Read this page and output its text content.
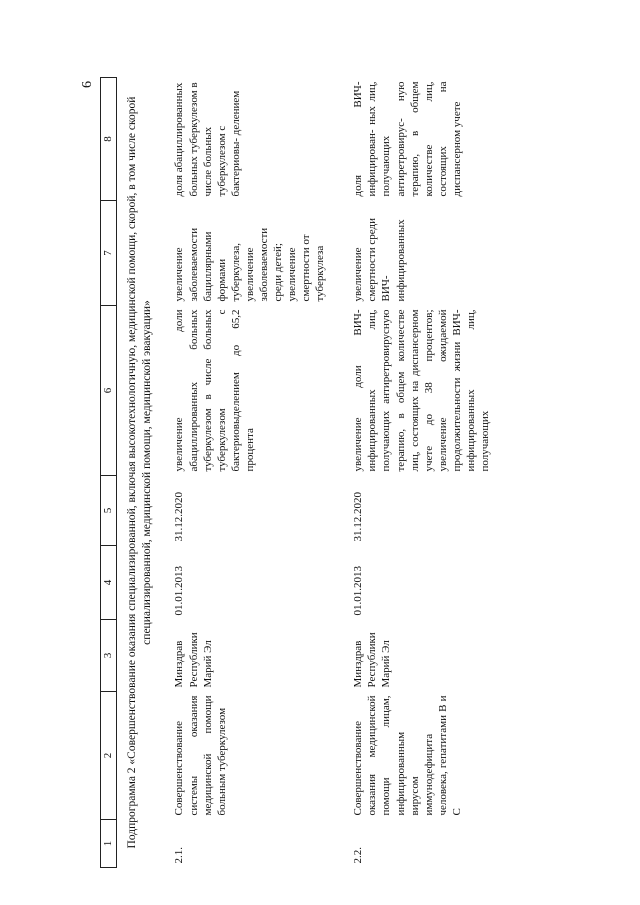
6
1	2	3	4	5	6	7	8
Подпрограмма 2 «Совершенствование оказания специализированной, включая высокотехнологичную, медицинской помощи, скорой, в том числе скорой специализированной, медицинской помощи, медицинской эвакуации»							
2.1.	Совершенствование системы оказания медицинской помощи больным туберкулезом	Минздрав Республики Марий Эл	01.01.2013	31.12.2020	увеличение доли абациллированных больных туберкулезом в числе больных туберкулезом с бактериовыделением до 65,2 процента	увеличение заболеваемости бациллярными формами туберкулеза, увеличение заболеваемости среди детей; увеличение смертности от туберкулеза	доля абациллированных больных туберкулезом в числе больных туберкулезом с бактериовы- делением
2.2.	Совершенствование оказания медицинской помощи лицам, инфицированным вирусом иммунодефицита человека, гепатитами B и C	Минздрав Республики Марий Эл	01.01.2013	31.12.2020	увеличение доли ВИЧ-инфицированных лиц, получающих антиретровирусную терапию, в общем количестве лиц, состоящих на диспансерном учете до 38 процентов; увеличение ожидаемой продолжительности жизни ВИЧ-инфицированных лиц, получающих	увеличение смертности среди ВИЧ-инфицированных	доля ВИЧ-инфицирован- ных лиц, получающих антиретровирус- ную терапию, в общем количестве лиц, состоящих на диспансерном учете
